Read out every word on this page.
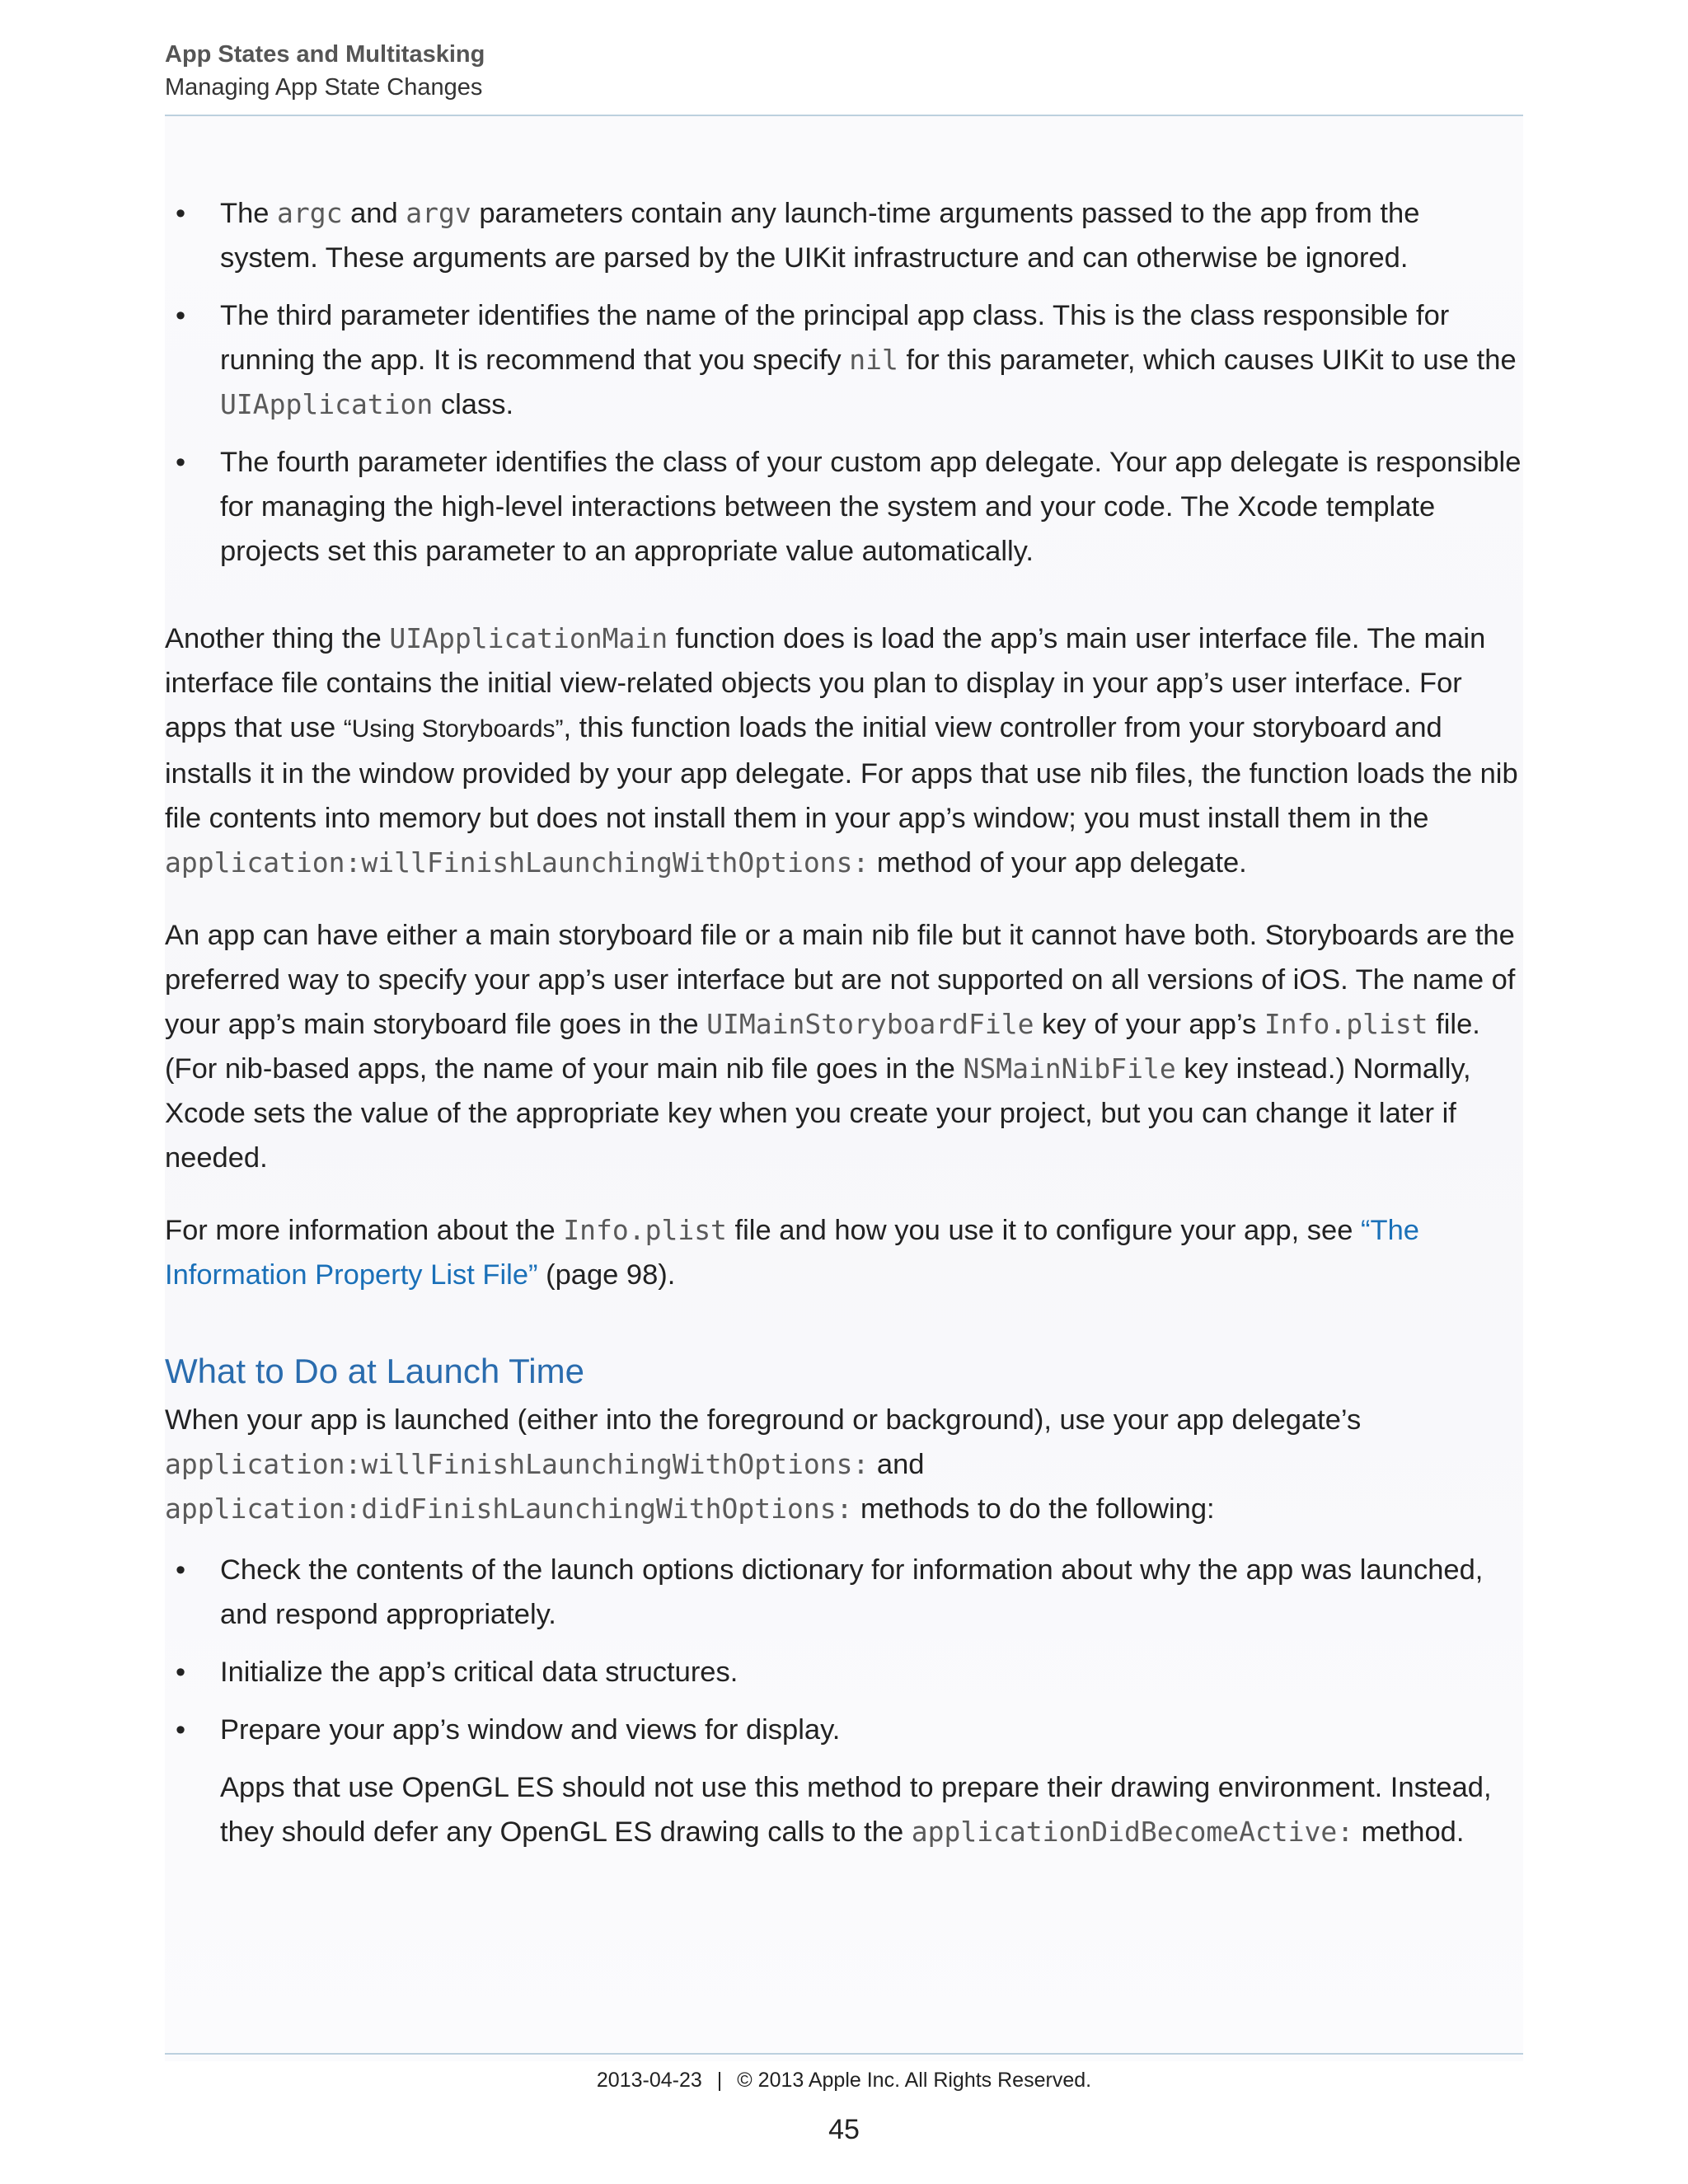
App States and Multitasking
Managing App State Changes
• The argc and argv parameters contain any launch-time arguments passed to the app from the system. These arguments are parsed by the UIKit infrastructure and can otherwise be ignored.
• The third parameter identifies the name of the principal app class. This is the class responsible for running the app. It is recommend that you specify nil for this parameter, which causes UIKit to use the UIApplication class.
• The fourth parameter identifies the class of your custom app delegate. Your app delegate is responsible for managing the high-level interactions between the system and your code. The Xcode template projects set this parameter to an appropriate value automatically.

Another thing the UIApplicationMain function does is load the app’s main user interface file. The main interface file contains the initial view-related objects you plan to display in your app’s user interface. For apps that use “Using Storyboards”, this function loads the initial view controller from your storyboard and installs it in the window provided by your app delegate. For apps that use nib files, the function loads the nib file contents into memory but does not install them in your app’s window; you must install them in the application:willFinishLaunchingWithOptions: method of your app delegate.

An app can have either a main storyboard file or a main nib file but it cannot have both. Storyboards are the preferred way to specify your app’s user interface but are not supported on all versions of iOS. The name of your app’s main storyboard file goes in the UIMainStoryboardFile key of your app’s Info.plist file. (For nib-based apps, the name of your main nib file goes in the NSMainNibFile key instead.) Normally, Xcode sets the value of the appropriate key when you create your project, but you can change it later if needed.

For more information about the Info.plist file and how you use it to configure your app, see “The Information Property List File” (page 98).

What to Do at Launch Time

When your app is launched (either into the foreground or background), use your app delegate’s
application:willFinishLaunchingWithOptions: and
application:didFinishLaunchingWithOptions: methods to do the following:

• Check the contents of the launch options dictionary for information about why the app was launched, and respond appropriately.
• Initialize the app’s critical data structures.
• Prepare your app’s window and views for display.
Apps that use OpenGL ES should not use this method to prepare their drawing environment. Instead, they should defer any OpenGL ES drawing calls to the applicationDidBecomeActive: method.
2013-04-23 | © 2013 Apple Inc. All Rights Reserved.
45
